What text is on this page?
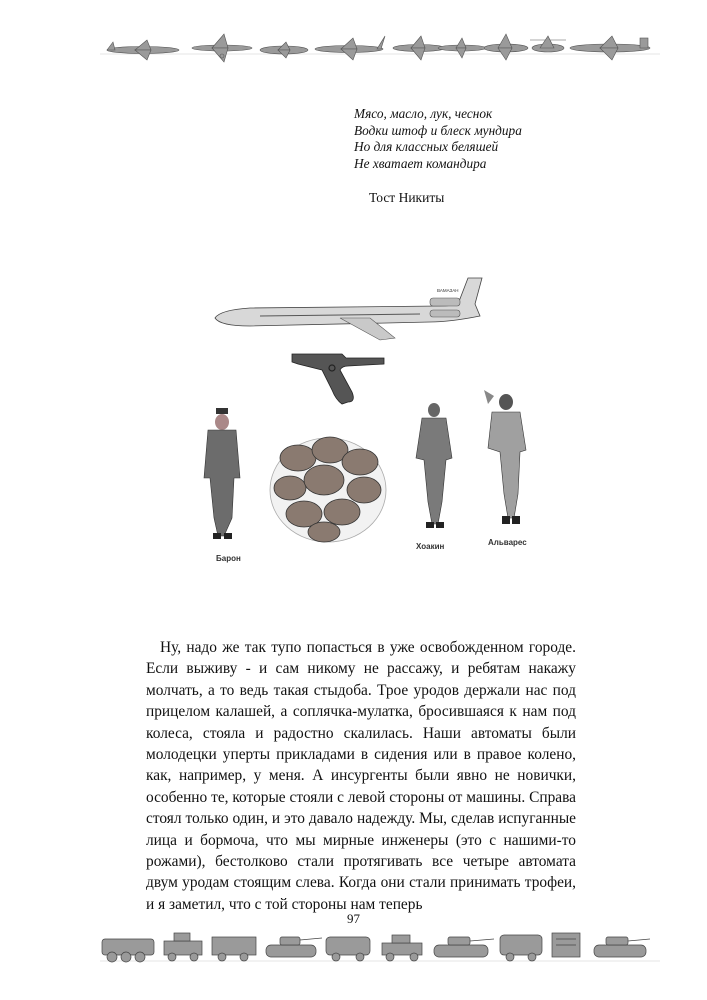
Мясо, масло, лук, чеснок
Водки штоф и блеск мундира
Но для классных беляшей
Не хватает командира
Тост Никиты
ВАМАЗАН
Барон
Хоакин	Альварес

Ну, надо же так тупо попасться в уже освобожденном городе. Если выживу - и сам никому не рассажу, и ребятам накажу молчать, а то ведь такая стыдоба. Трое уродов держали нас под прицелом калашей, а соплячка-мулатка, бросившаяся к нам под колеса, стояла и радостно скалилась. Наши автоматы были молодецки уперты прикладами в сидения или в правое колено, как, например, у меня. А инсургенты были явно не новички, особенно те, которые стояли с левой стороны от машины. Справа стоял только один, и это давало надежду. Мы, сделав испуганные лица и бормоча, что мы мирные инженеры (это с нашими-то рожами), бестолково стали протягивать все четыре автомата двум уродам стоящим слева. Когда они стали принимать трофеи, и я заметил, что с той стороны нам теперь

97
